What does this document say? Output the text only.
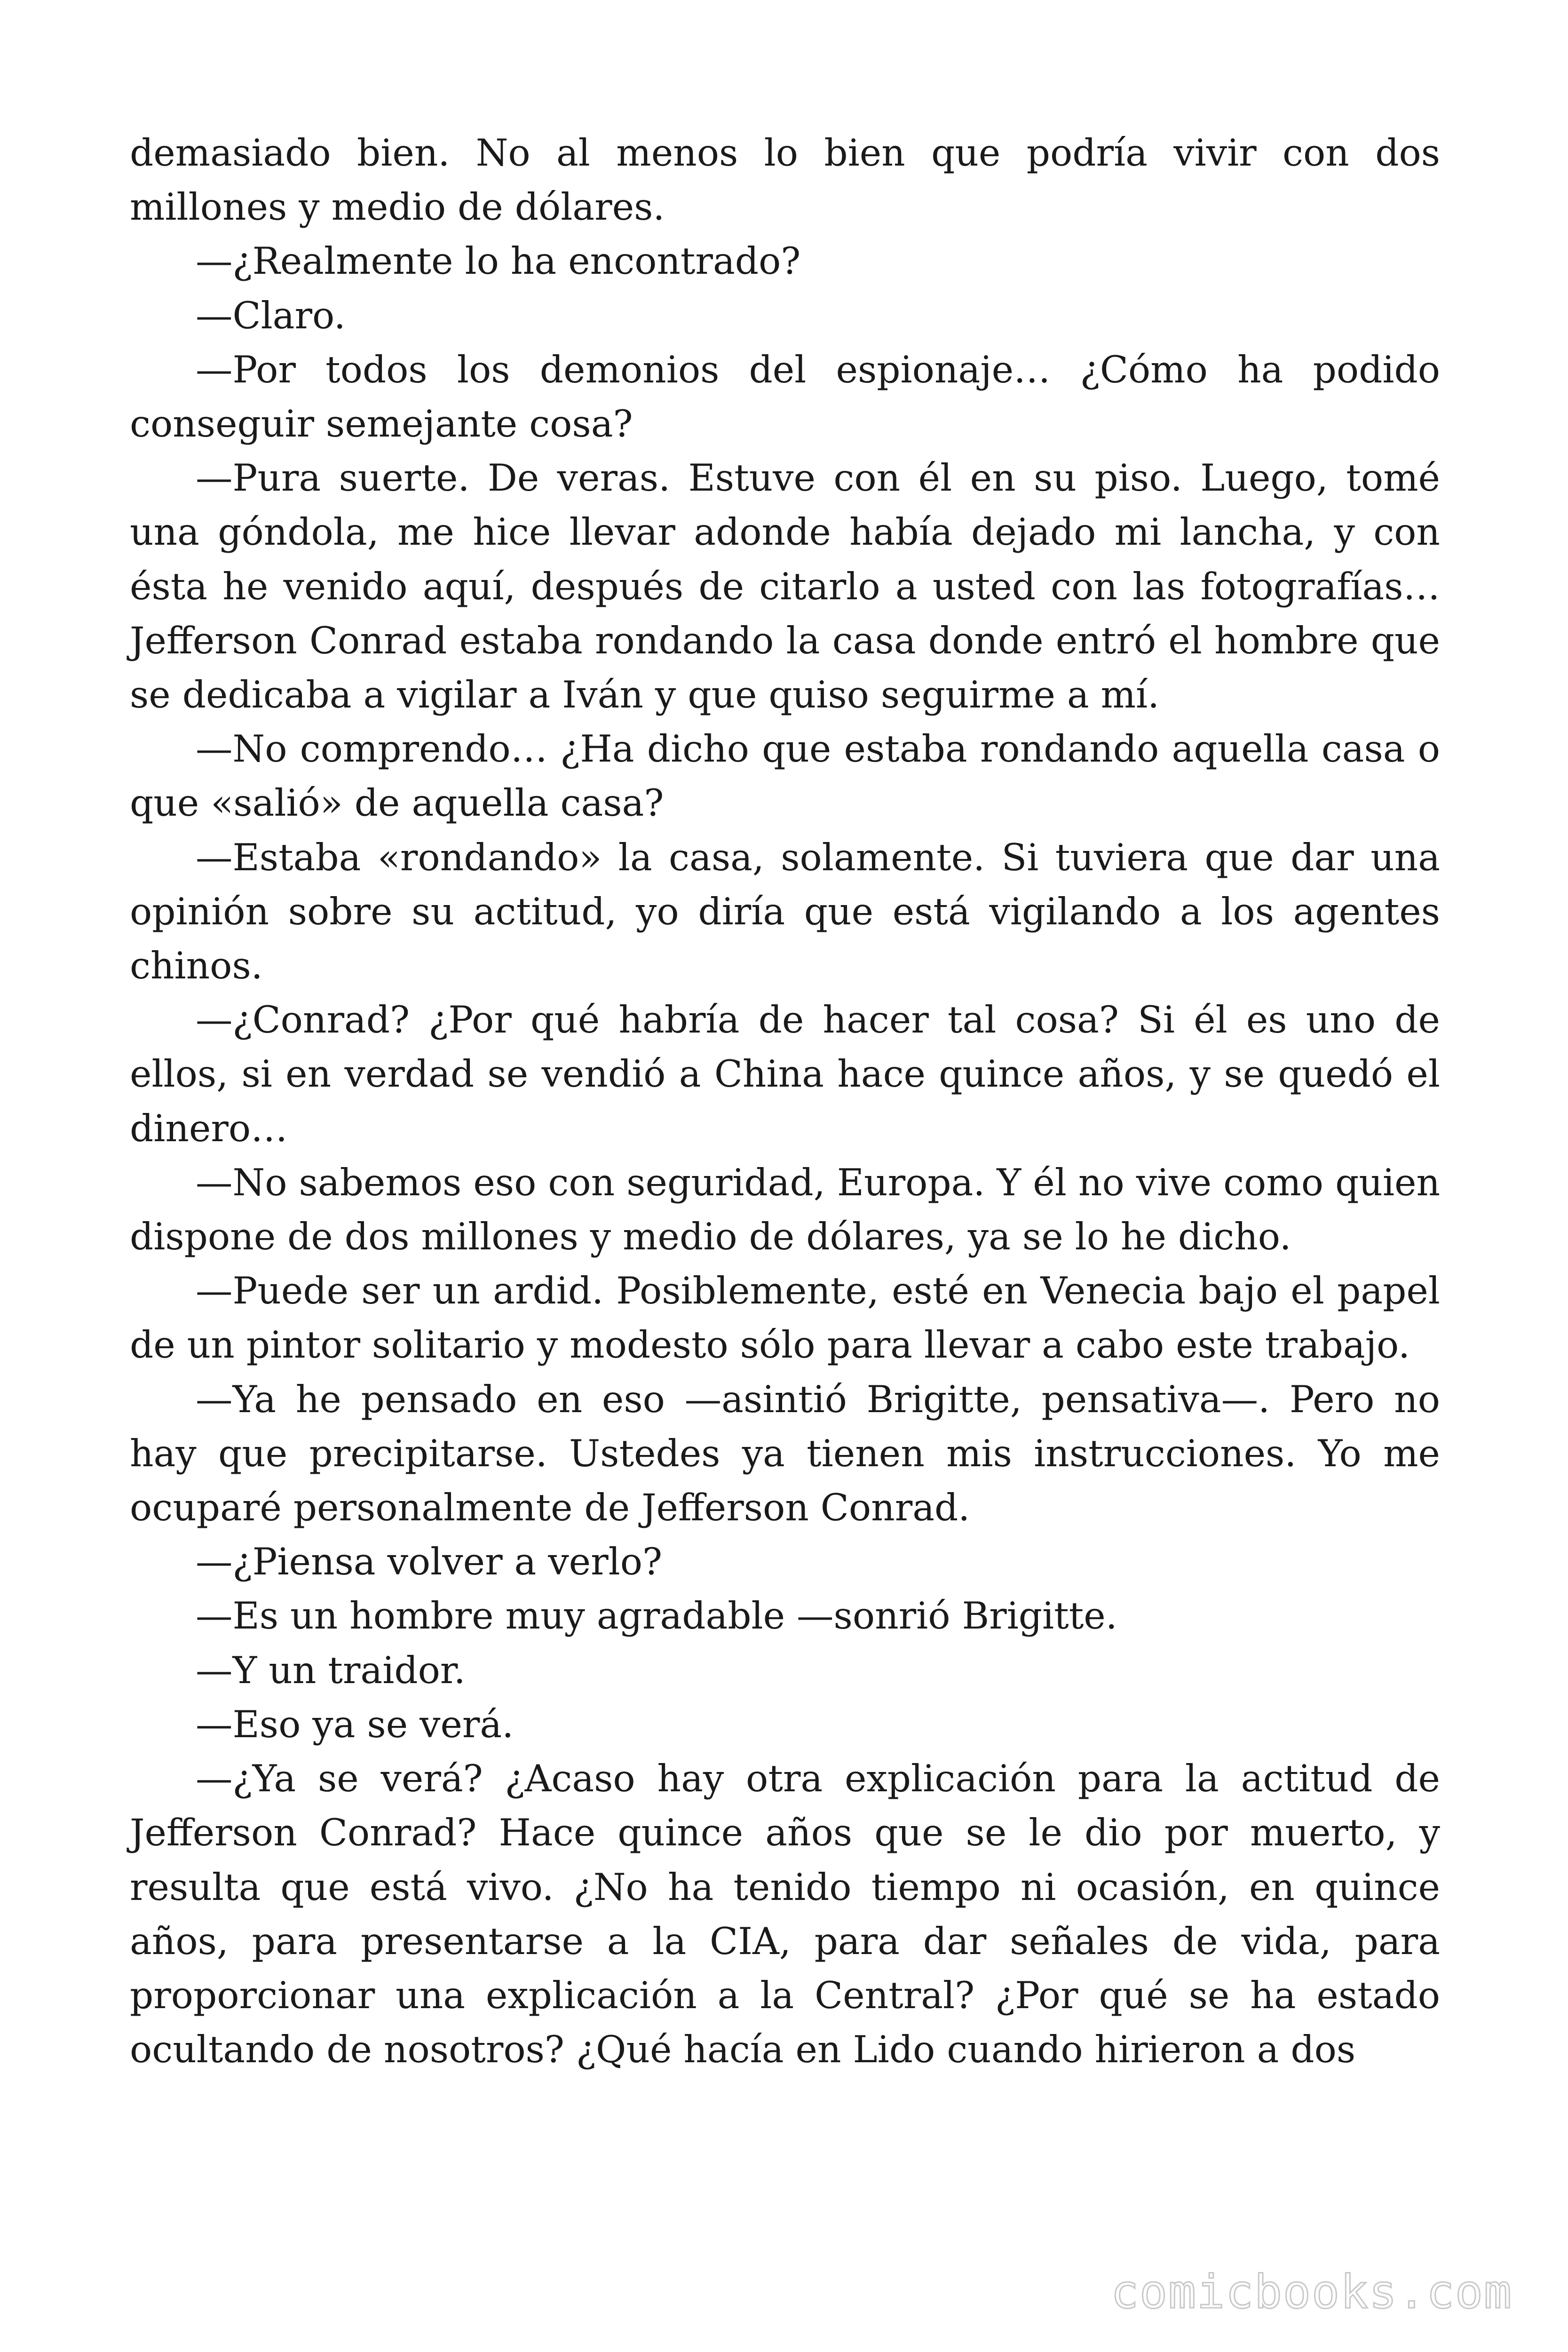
demasiado bien. No al menos lo bien que podría vivir con dos millones y medio de dólares.

—¿Realmente lo ha encontrado?

—Claro.

—Por todos los demonios del espionaje… ¿Cómo ha podido conseguir semejante cosa?

—Pura suerte. De veras. Estuve con él en su piso. Luego, tomé una góndola, me hice llevar adonde había dejado mi lancha, y con ésta he venido aquí, después de citarlo a usted con las fotografías… Jefferson Conrad estaba rondando la casa donde entró el hombre que se dedicaba a vigilar a Iván y que quiso seguirme a mí.

—No comprendo… ¿Ha dicho que estaba rondando aquella casa o que «salió» de aquella casa?

—Estaba «rondando» la casa, solamente. Si tuviera que dar una opinión sobre su actitud, yo diría que está vigilando a los agentes chinos.

—¿Conrad? ¿Por qué habría de hacer tal cosa? Si él es uno de ellos, si en verdad se vendió a China hace quince años, y se quedó el dinero…

—No sabemos eso con seguridad, Europa. Y él no vive como quien dispone de dos millones y medio de dólares, ya se lo he dicho.

—Puede ser un ardid. Posiblemente, esté en Venecia bajo el papel de un pintor solitario y modesto sólo para llevar a cabo este trabajo.

—Ya he pensado en eso —asintió Brigitte, pensativa—. Pero no hay que precipitarse. Ustedes ya tienen mis instrucciones. Yo me ocuparé personalmente de Jefferson Conrad.

—¿Piensa volver a verlo?

—Es un hombre muy agradable —sonrió Brigitte.

—Y un traidor.

—Eso ya se verá.

—¿Ya se verá? ¿Acaso hay otra explicación para la actitud de Jefferson Conrad? Hace quince años que se le dio por muerto, y resulta que está vivo. ¿No ha tenido tiempo ni ocasión, en quince años, para presentarse a la CIA, para dar señales de vida, para proporcionar una explicación a la Central? ¿Por qué se ha estado ocultando de nosotros? ¿Qué hacía en Lido cuando hirieron a dos

comicbooks.com
